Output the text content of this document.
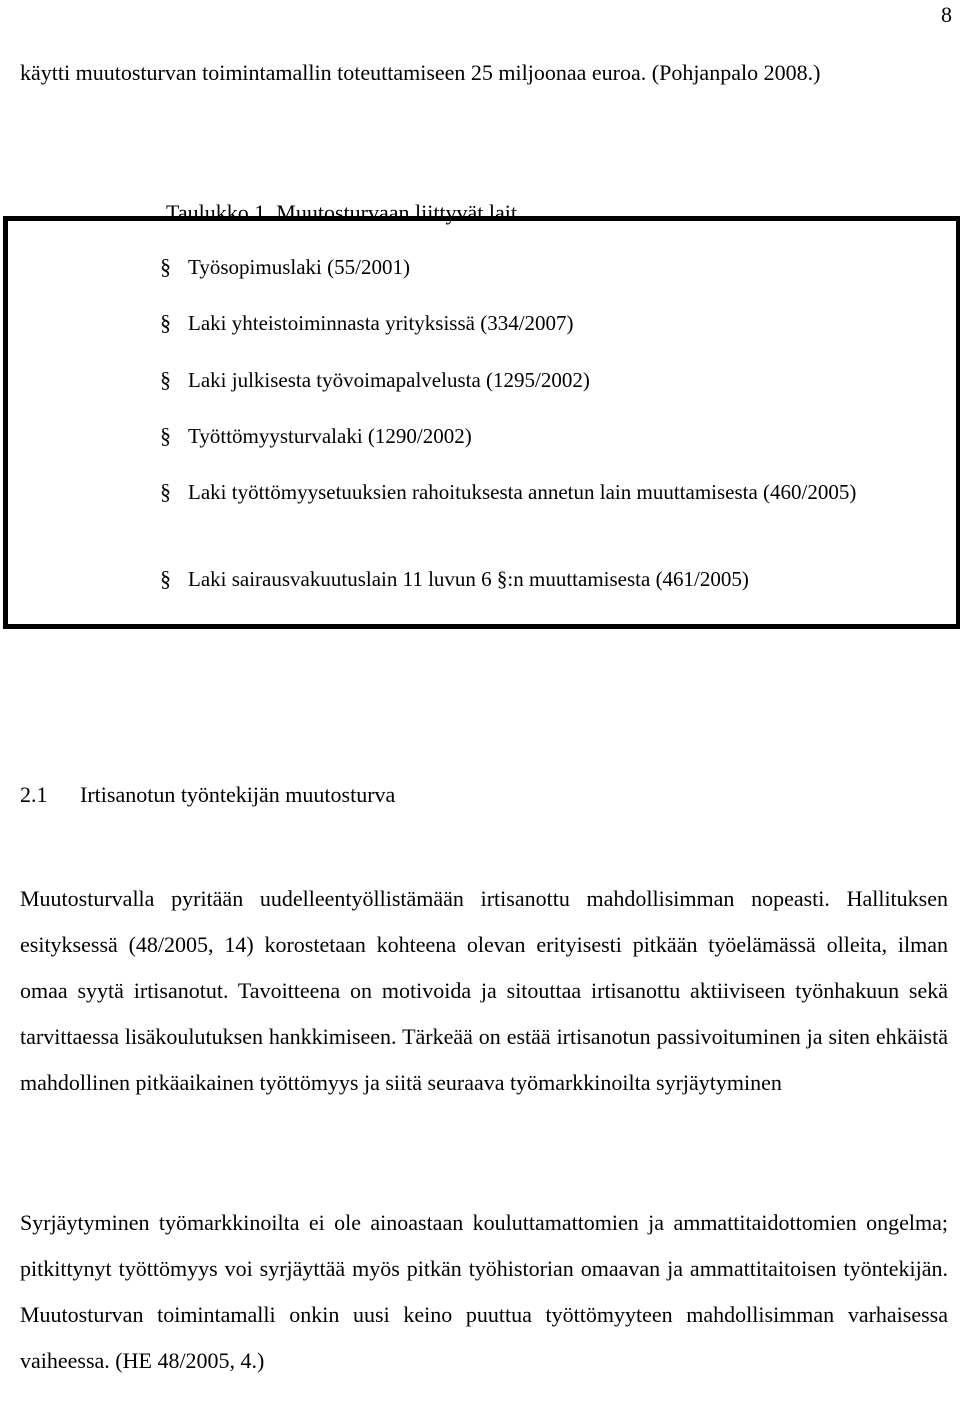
8

käytti muutosturvan toimintamallin toteuttamiseen 25 miljoonaa euroa. (Pohjanpalo 2008.)

Taulukko 1. Muutosturvaan liittyvät lait.

§ Työsopimuslaki (55/2001)
§ Laki yhteistoiminnasta yrityksissä (334/2007)
§ Laki julkisesta työvoimapalvelusta (1295/2002)
§ Työttömyysturvalaki (1290/2002)
§ Laki työttömyysetuuksien rahoituksesta annetun lain muuttamisesta (460/2005)
§ Laki sairausvakuutuslain 11 luvun 6 §:n muuttamisesta (461/2005)
2.1	Irtisanotun työntekijän muutosturva

Muutosturvalla pyritään uudelleentyöllistämään irtisanottu mahdollisimman nopeasti. Hallituksen esityksessä (48/2005, 14) korostetaan kohteena olevan erityisesti pitkään työelämässä olleita, ilman omaa syytä irtisanotut. Tavoitteena on motivoida ja sitouttaa irtisanottu aktiiviseen työnhakuun sekä tarvittaessa lisäkoulutuksen hankkimiseen. Tärkeää on estää irtisanotun passivoituminen ja siten ehkäistä mahdollinen pitkäaikainen työttömyys ja siitä seuraava työmarkkinoilta syrjäytyminen

Syrjäytyminen työmarkkinoilta ei ole ainoastaan kouluttamattomien ja ammattitaidottomien ongelma; pitkittynyt työttömyys voi syrjäyttää myös pitkän työhistorian omaavan ja ammattitaitoisen työntekijän. Muutosturvan toimintamalli onkin uusi keino puuttua työttömyyteen mahdollisimman varhaisessa vaiheessa. (HE 48/2005, 4.)
